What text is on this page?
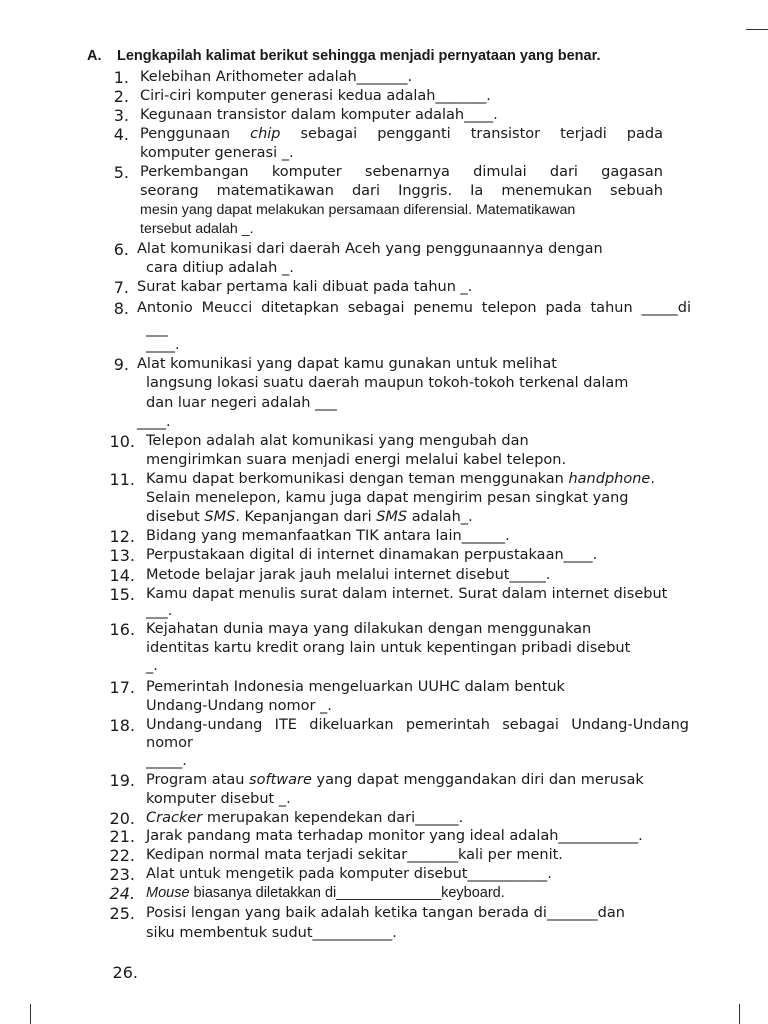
A. Lengkapilah kalimat berikut sehingga menjadi pernyataan yang benar.
1. Kelebihan Arithometer adalah_______.
2. Ciri-ciri komputer generasi kedua adalah_______.
3. Kegunaan transistor dalam komputer adalah____.
4. Penggunaan chip sebagai pengganti transistor terjadi pada
komputer generasi _.
5. Perkembangan komputer sebenarnya dimulai dari gagasan
seorang matematikawan dari Inggris. Ia menemukan sebuah
mesin yang dapat melakukan persamaan diferensial. Matematikawan
tersebut adalah _.
6. Alat komunikasi dari daerah Aceh yang penggunaannya dengan
cara ditiup adalah _.
7. Surat kabar pertama kali dibuat pada tahun _.
8. Antonio Meucci ditetapkan sebagai penemu telepon pada tahun _____di
___
____.
9. Alat komunikasi yang dapat kamu gunakan untuk melihat
langsung lokasi suatu daerah maupun tokoh-tokoh terkenal dalam
dan luar negeri adalah ___
____.
10. Telepon adalah alat komunikasi yang mengubah dan
mengirimkan suara menjadi energi melalui kabel telepon.
11. Kamu dapat berkomunikasi dengan teman menggunakan handphone.
Selain menelepon, kamu juga dapat mengirim pesan singkat yang
disebut SMS. Kepanjangan dari SMS adalah_.
12. Bidang yang memanfaatkan TIK antara lain______.
13. Perpustakaan digital di internet dinamakan perpustakaan____.
14. Metode belajar jarak jauh melalui internet disebut_____.
15. Kamu dapat menulis surat dalam internet. Surat dalam internet disebut
___.
16. Kejahatan dunia maya yang dilakukan dengan menggunakan
identitas kartu kredit orang lain untuk kepentingan pribadi disebut
_.
17. Pemerintah Indonesia mengeluarkan UUHC dalam bentuk
Undang-Undang nomor _.
18. Undang-undang ITE dikeluarkan pemerintah sebagai Undang-Undang
nomor
_____.
19. Program atau software yang dapat menggandakan diri dan merusak
komputer disebut _.
20. Cracker merupakan kependekan dari______.
21. Jarak pandang mata terhadap monitor yang ideal adalah___________.
22. Kedipan normal mata terjadi sekitar_______kali per menit.
23. Alat untuk mengetik pada komputer disebut___________.
24. Mouse biasanya diletakkan di_____________keyboard.
25. Posisi lengan yang baik adalah ketika tangan berada di_______dan
siku membentuk sudut___________.
26.
